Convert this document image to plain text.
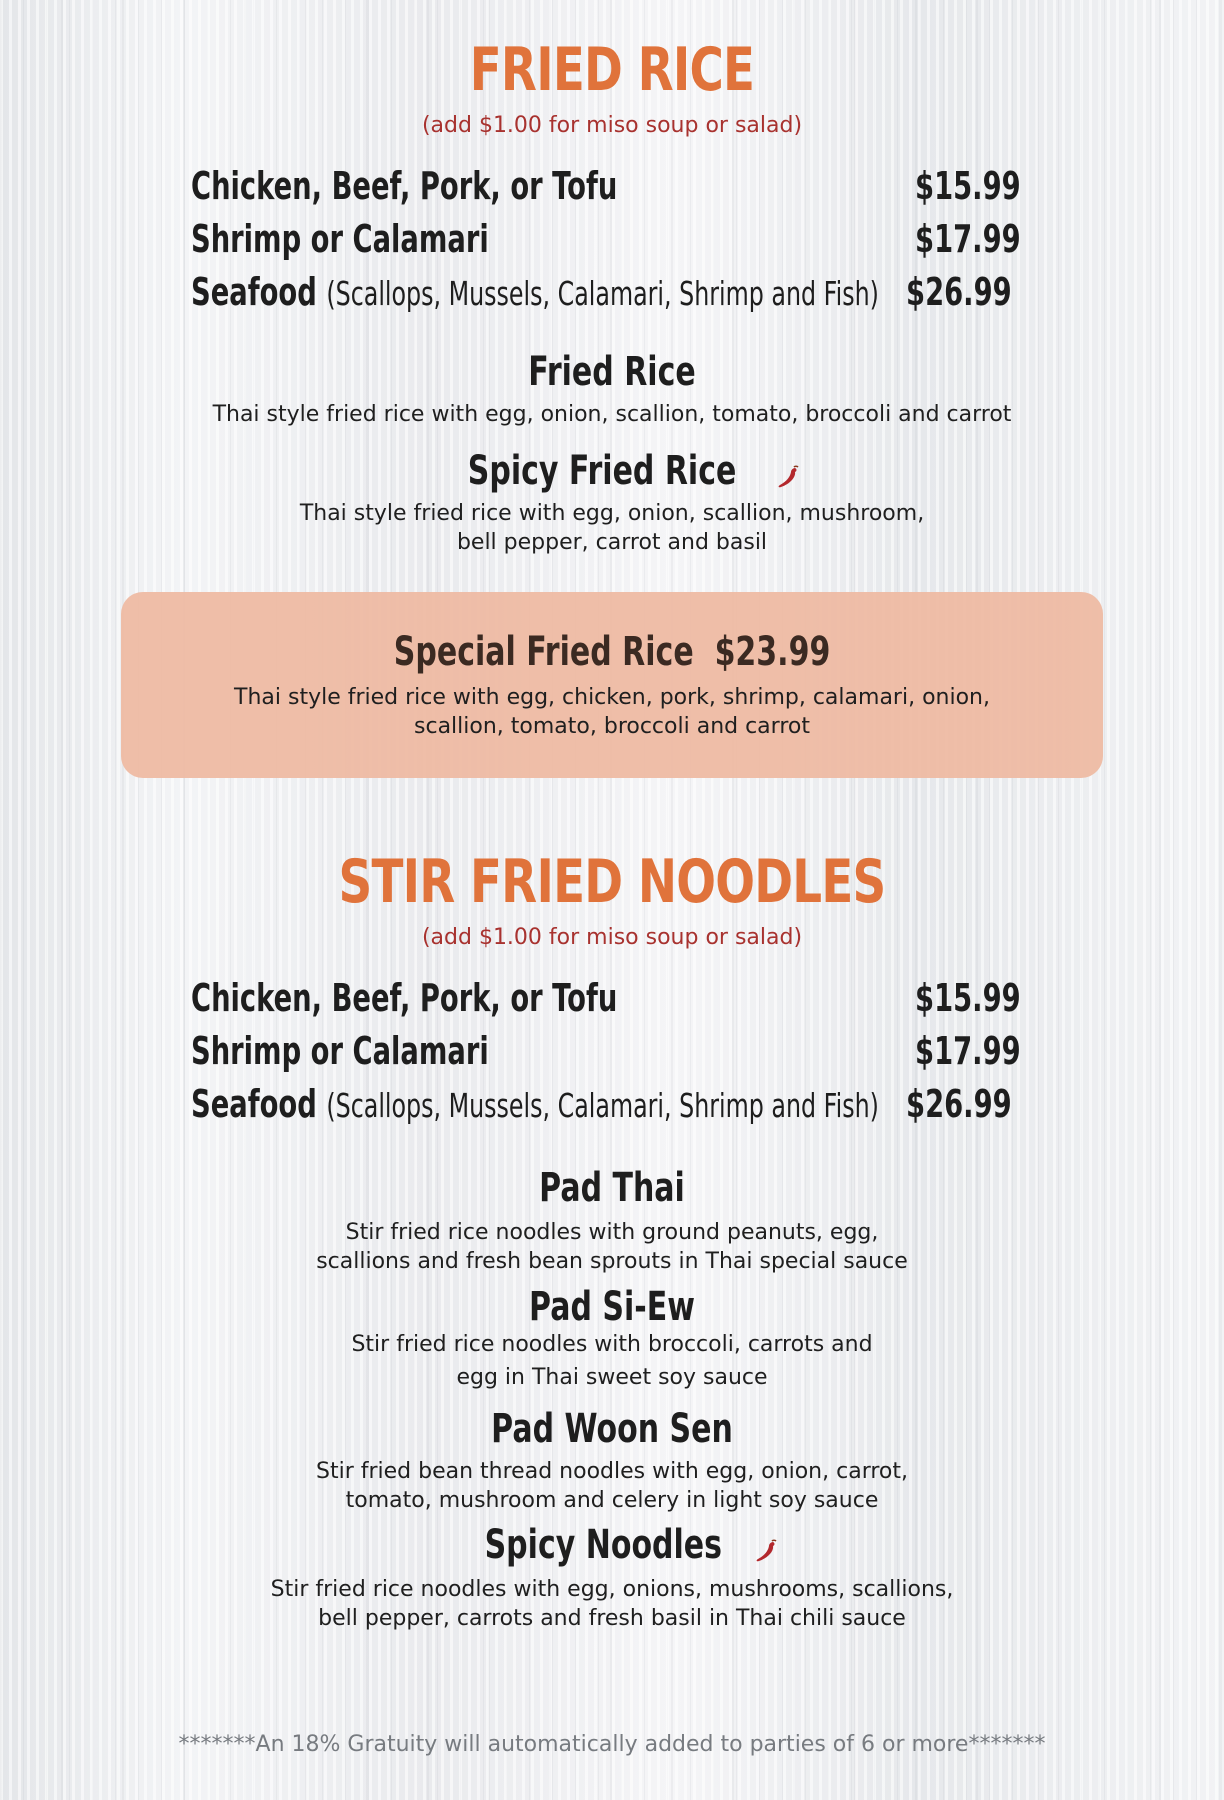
FRIED RICE
(add $1.00 for miso soup or salad)
Chicken, Beef, Pork, or Tofu	$15.99
Shrimp or Calamari	$17.99
Seafood (Scallops, Mussels, Calamari, Shrimp and Fish) $26.99
Fried Rice
Thai style fried rice with egg, onion, scallion, tomato, broccoli and carrot
Spicy Fried Rice
Thai style fried rice with egg, onion, scallion, mushroom,
bell pepper, carrot and basil
Special Fried Rice $23.99
Thai style fried rice with egg, chicken, pork, shrimp, calamari, onion,
scallion, tomato, broccoli and carrot
STIR FRIED NOODLES
(add $1.00 for miso soup or salad)
Chicken, Beef, Pork, or Tofu	$15.99
Shrimp or Calamari	$17.99
Seafood (Scallops, Mussels, Calamari, Shrimp and Fish) $26.99
Pad Thai
Stir fried rice noodles with ground peanuts, egg,
scallions and fresh bean sprouts in Thai special sauce
Pad Si-Ew
Stir fried rice noodles with broccoli, carrots and
egg in Thai sweet soy sauce
Pad Woon Sen
Stir fried bean thread noodles with egg, onion, carrot,
tomato, mushroom and celery in light soy sauce
Spicy Noodles
Stir fried rice noodles with egg, onions, mushrooms, scallions,
bell pepper, carrots and fresh basil in Thai chili sauce
*******An 18% Gratuity will automatically added to parties of 6 or more*******
